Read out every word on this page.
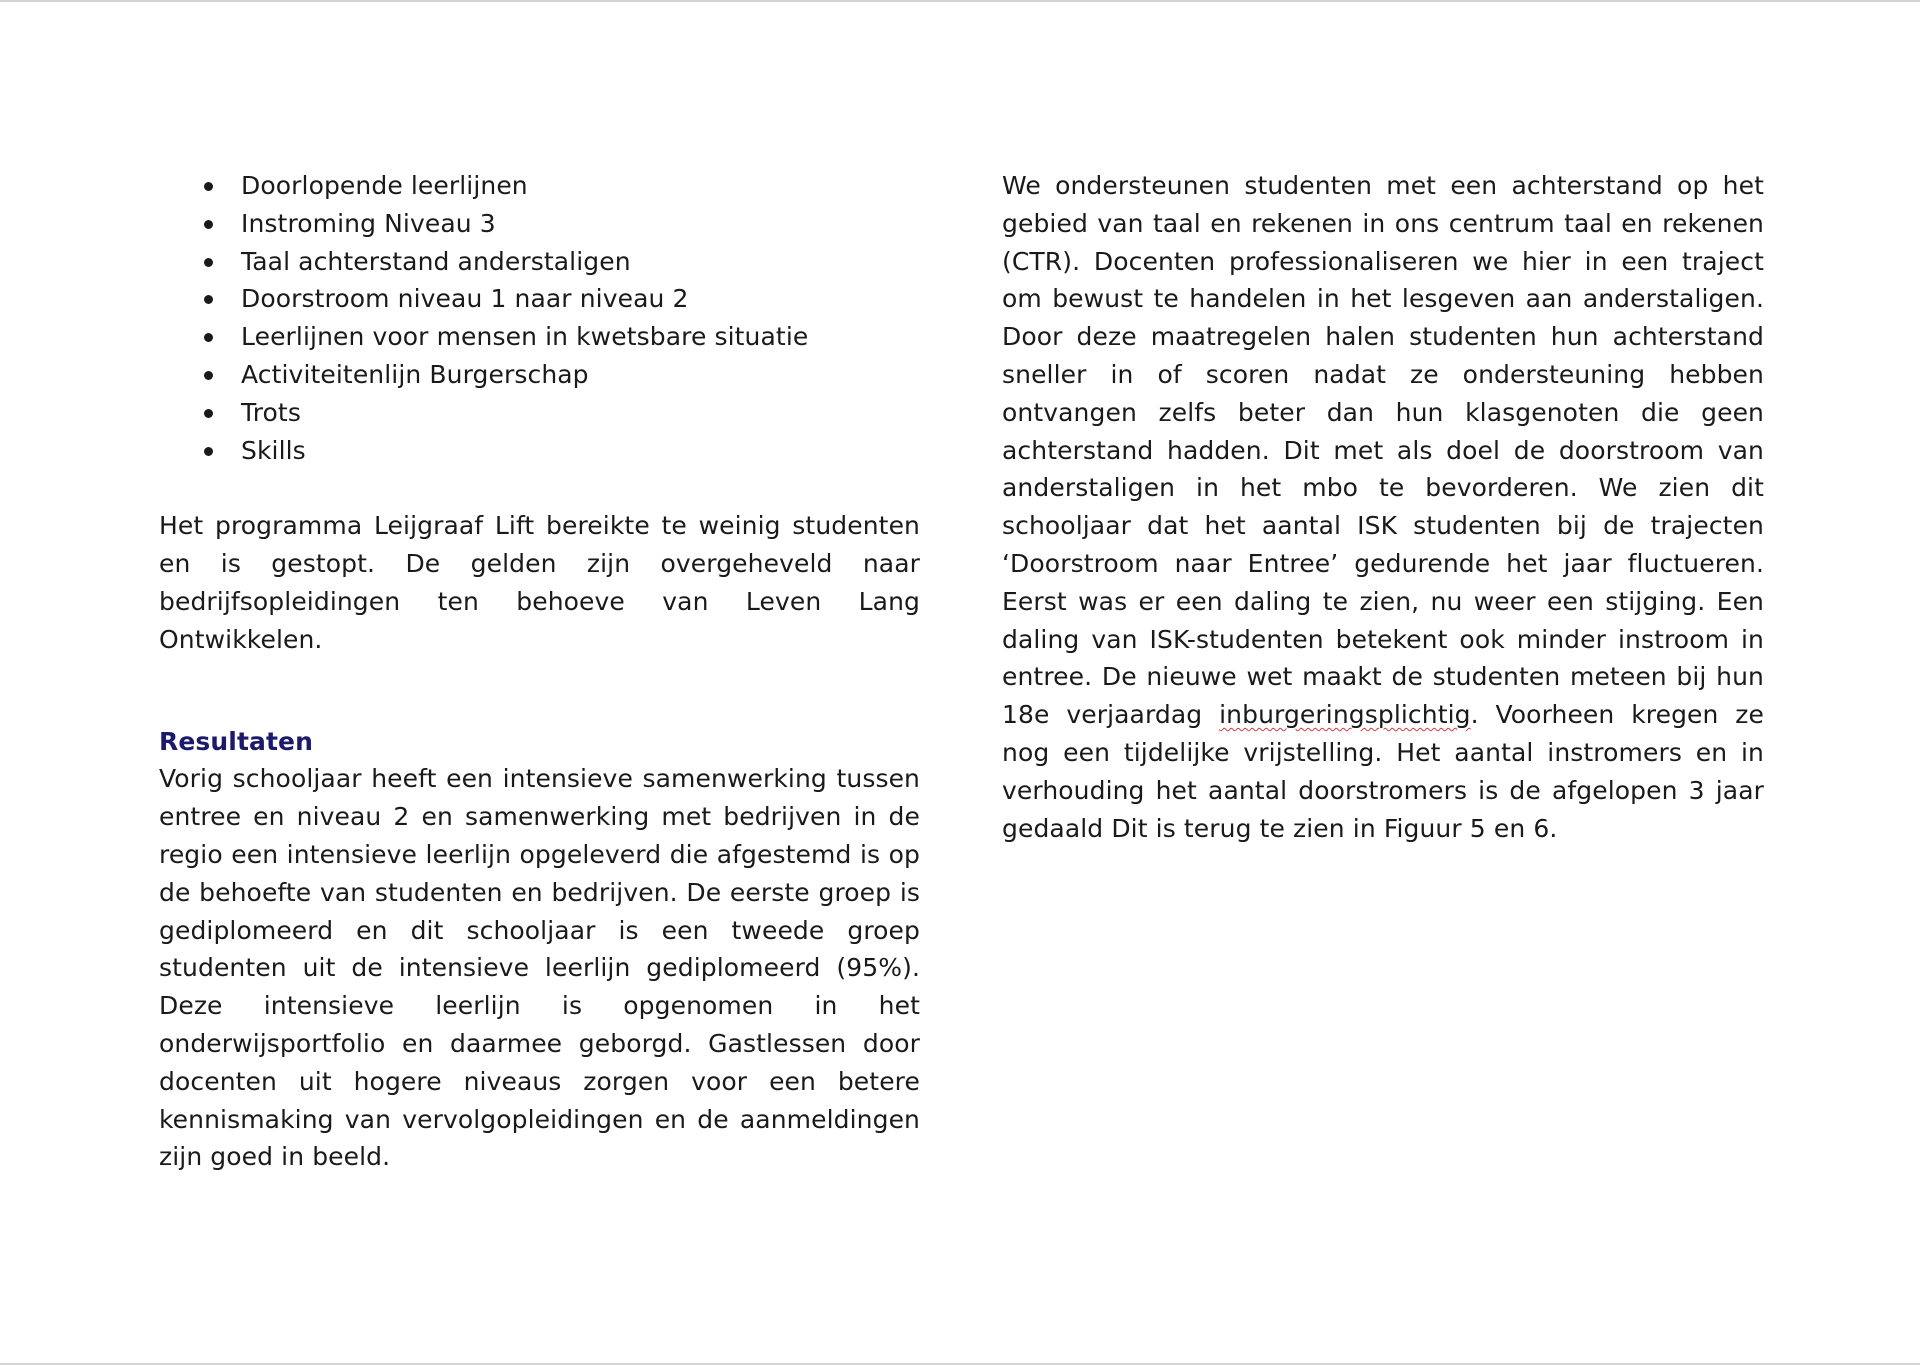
Doorlopende leerlijnen
Instroming Niveau 3
Taal achterstand anderstaligen
Doorstroom niveau 1 naar niveau 2
Leerlijnen voor mensen in kwetsbare situatie
Activiteitenlijn Burgerschap
Trots
Skills

Het programma Leijgraaf Lift bereikte te weinig studenten en is gestopt. De gelden zijn overgeheveld naar bedrijfsopleidingen ten behoeve van Leven Lang Ontwikkelen.

Resultaten

Vorig schooljaar heeft een intensieve samenwerking tussen entree en niveau 2 en samenwerking met bedrijven in de regio een intensieve leerlijn opgeleverd die afgestemd is op de behoefte van studenten en bedrijven. De eerste groep is gediplomeerd en dit schooljaar is een tweede groep studenten uit de intensieve leerlijn gediplomeerd (95%). Deze intensieve leerlijn is opgenomen in het onderwijsportfolio en daarmee geborgd. Gastlessen door docenten uit hogere niveaus zorgen voor een betere kennismaking van vervolgopleidingen en de aanmeldingen zijn goed in beeld.

We ondersteunen studenten met een achterstand op het gebied van taal en rekenen in ons centrum taal en rekenen (CTR). Docenten professionaliseren we hier in een traject om bewust te handelen in het lesgeven aan anderstaligen. Door deze maatregelen halen studenten hun achterstand sneller in of scoren nadat ze ondersteuning hebben ontvangen zelfs beter dan hun klasgenoten die geen achterstand hadden. Dit met als doel de doorstroom van anderstaligen in het mbo te bevorderen. We zien dit schooljaar dat het aantal ISK studenten bij de trajecten ‘Doorstroom naar Entree’ gedurende het jaar fluctueren. Eerst was er een daling te zien, nu weer een stijging. Een daling van ISK-studenten betekent ook minder instroom in entree. De nieuwe wet maakt de studenten meteen bij hun 18e verjaardag inburgeringsplichtig. Voorheen kregen ze nog een tijdelijke vrijstelling. Het aantal instromers en in verhouding het aantal doorstromers is de afgelopen 3 jaar gedaald Dit is terug te zien in Figuur 5 en 6.
